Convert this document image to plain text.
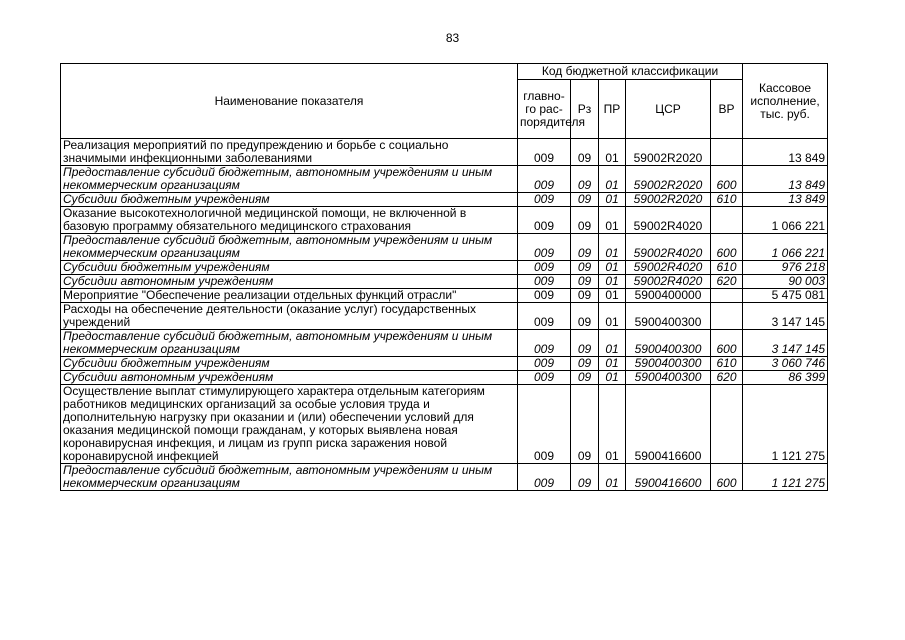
83
Наименование показателя	Код бюджетной классификации					Кассовое исполнение, тыс. руб.
	главно-го рас-порядителя	Рз	ПР	ЦСР	ВР	
Реализация мероприятий по предупреждению и борьбе с социально значимыми инфекционными заболеваниями	009	09	01	59002R2020		13 849
Предоставление субсидий бюджетным, автономным учреждениям и иным некоммерческим организациям	009	09	01	59002R2020	600	13 849
Субсидии бюджетным учреждениям	009	09	01	59002R2020	610	13 849
Оказание высокотехнологичной медицинской помощи, не включенной в базовую программу обязательного медицинского страхования	009	09	01	59002R4020		1 066 221
Предоставление субсидий бюджетным, автономным учреждениям и иным некоммерческим организациям	009	09	01	59002R4020	600	1 066 221
Субсидии бюджетным учреждениям	009	09	01	59002R4020	610	976 218
Субсидии автономным учреждениям	009	09	01	59002R4020	620	90 003
Мероприятие "Обеспечение реализации отдельных функций отрасли"	009	09	01	5900400000		5 475 081
Расходы на обеспечение деятельности (оказание услуг) государственных учреждений	009	09	01	5900400300		3 147 145
Предоставление субсидий бюджетным, автономным учреждениям и иным некоммерческим организациям	009	09	01	5900400300	600	3 147 145
Субсидии бюджетным учреждениям	009	09	01	5900400300	610	3 060 746
Субсидии автономным учреждениям	009	09	01	5900400300	620	86 399
Осуществление выплат стимулирующего характера отдельным категориям работников медицинских организаций за особые условия труда и дополнительную нагрузку при оказании и (или) обеспечении условий для оказания медицинской помощи гражданам, у которых выявлена новая коронавирусная инфекция, и лицам из групп риска заражения новой коронавирусной инфекцией	009	09	01	5900416600		1 121 275
Предоставление субсидий бюджетным, автономным учреждениям и иным некоммерческим организациям	009	09	01	5900416600	600	1 121 275
